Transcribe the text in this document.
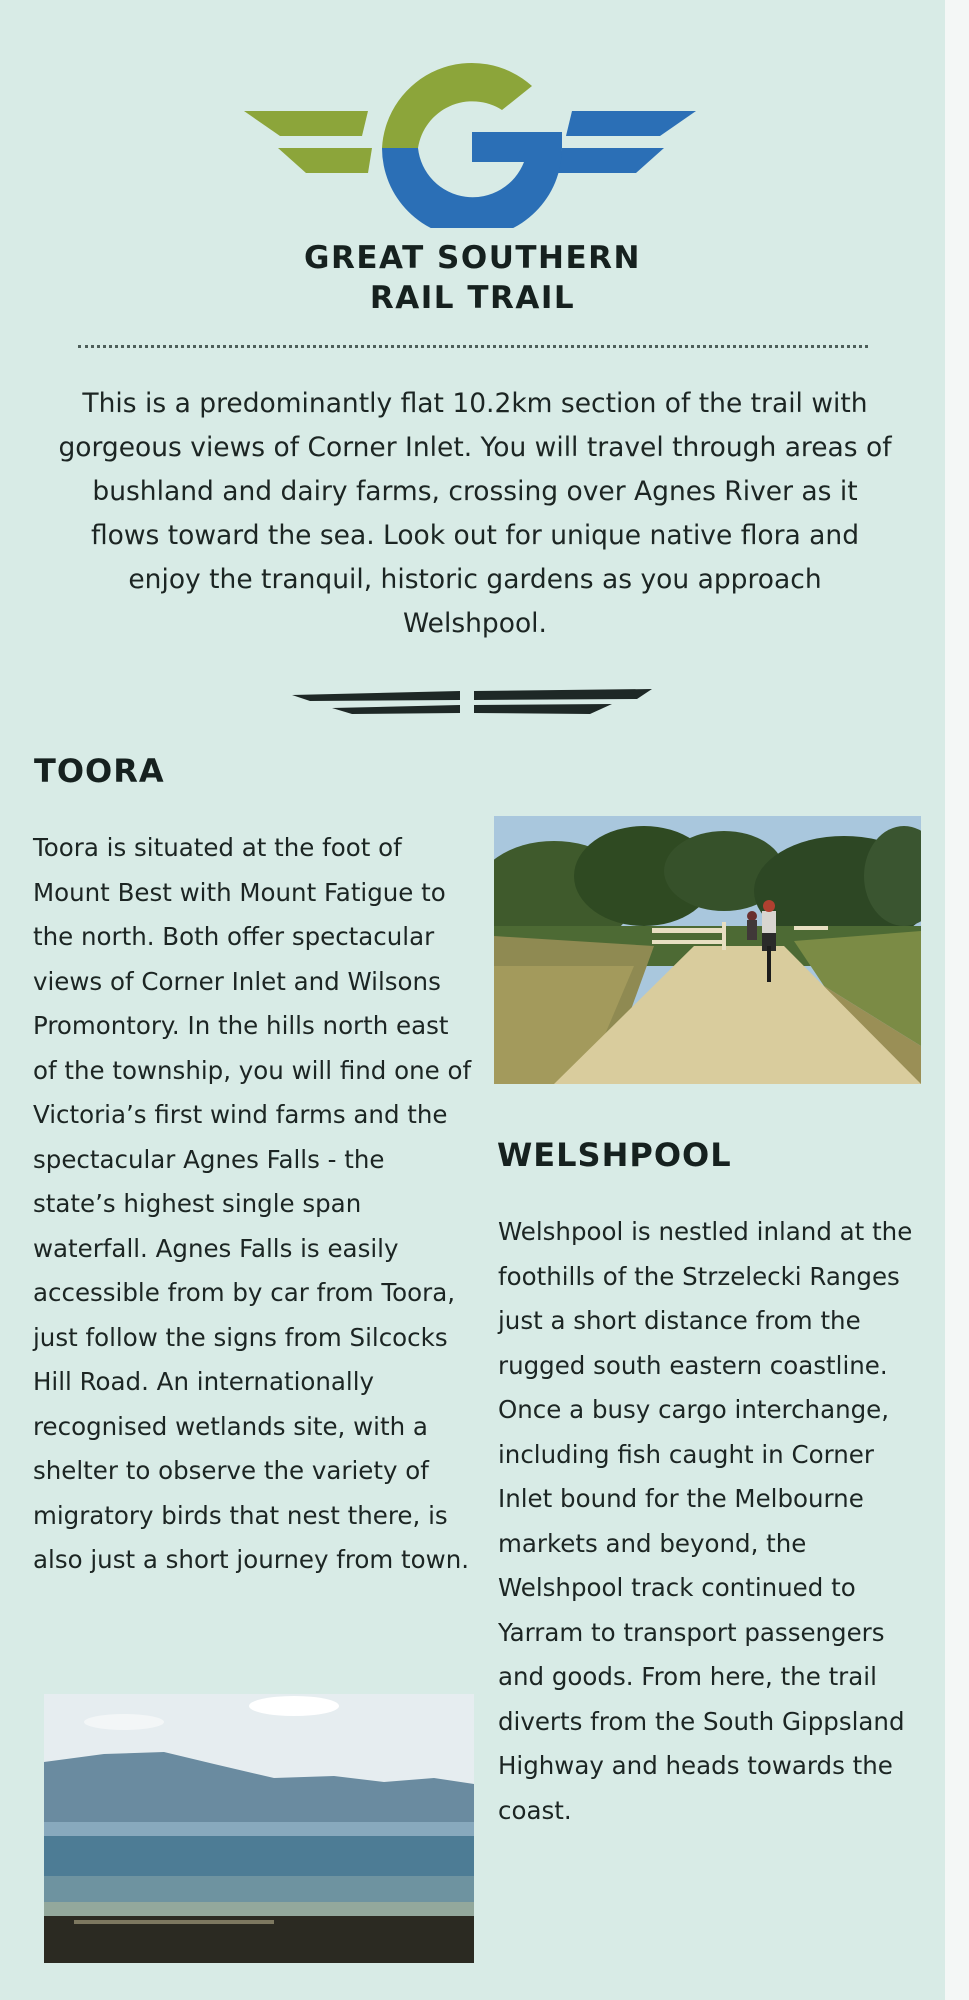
GREAT SOUTHERN
RAIL TRAIL
This is a predominantly flat 10.2km section of the trail with gorgeous views of Corner Inlet. You will travel through areas of bushland and dairy farms, crossing over Agnes River as it flows toward the sea. Look out for unique native flora and enjoy the tranquil, historic gardens as you approach Welshpool.
TOORA
Toora is situated at the foot of Mount Best with Mount Fatigue to the north. Both offer spectacular views of Corner Inlet and Wilsons Promontory. In the hills north east of the township, you will find one of Victoria’s first wind farms and the spectacular Agnes Falls - the state’s highest single span waterfall. Agnes Falls is easily accessible from by car from Toora, just follow the signs from Silcocks Hill Road. An internationally recognised wetlands site, with a shelter to observe the variety of migratory birds that nest there, is also just a short journey from town.
WELSHPOOL
Welshpool is nestled inland at the foothills of the Strzelecki Ranges just a short distance from the rugged south eastern coastline. Once a busy cargo interchange, including fish caught in Corner Inlet bound for the Melbourne markets and beyond, the Welshpool track continued to Yarram to transport passengers and goods. From here, the trail diverts from the South Gippsland Highway and heads towards the coast.
